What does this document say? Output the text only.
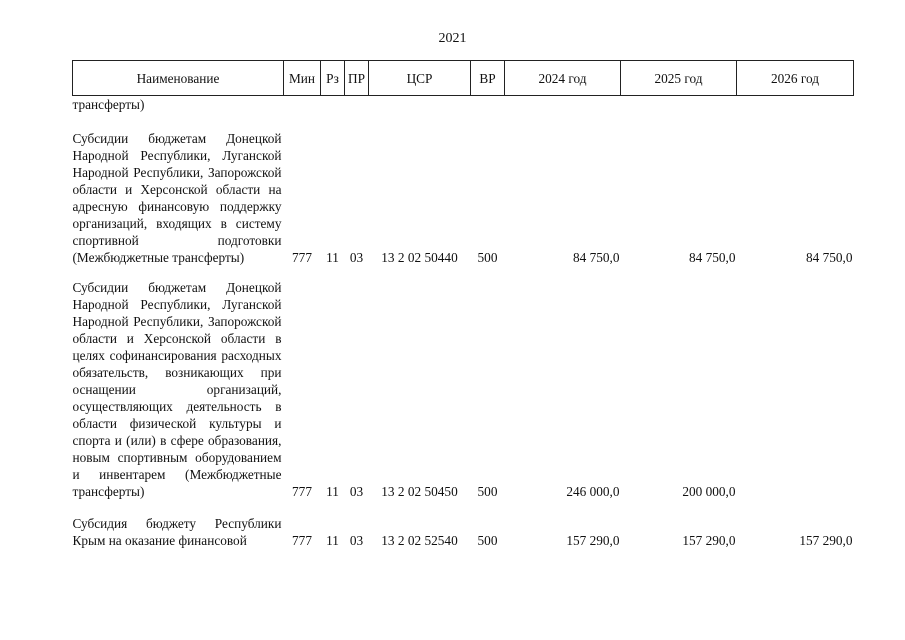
2021
Наименование	Мин	Рз	ПР	ЦСР	ВР	2024 год	2025 год	2026 год
трансферты)								
Субсидии бюджетам Донецкой Народной Республики, Луганской Народной Республики, Запорожской области и Херсонской области на адресную финансовую поддержку организаций, входящих в систему спортивной подготовки (Межбюджетные трансферты)	777	11	03	13 2 02 50440	500	84 750,0	84 750,0	84 750,0
Субсидии бюджетам Донецкой Народной Республики, Луганской Народной Республики, Запорожской области и Херсонской области в целях софинансирования расходных обязательств, возникающих при оснащении организаций, осуществляющих деятельность в области физической культуры и спорта и (или) в сфере образования, новым спортивным оборудованием и инвентарем (Межбюджетные трансферты)	777	11	03	13 2 02 50450	500	246 000,0	200 000,0	
Субсидия бюджету Республики Крым на оказание финансовой	777	11	03	13 2 02 52540	500	157 290,0	157 290,0	157 290,0
